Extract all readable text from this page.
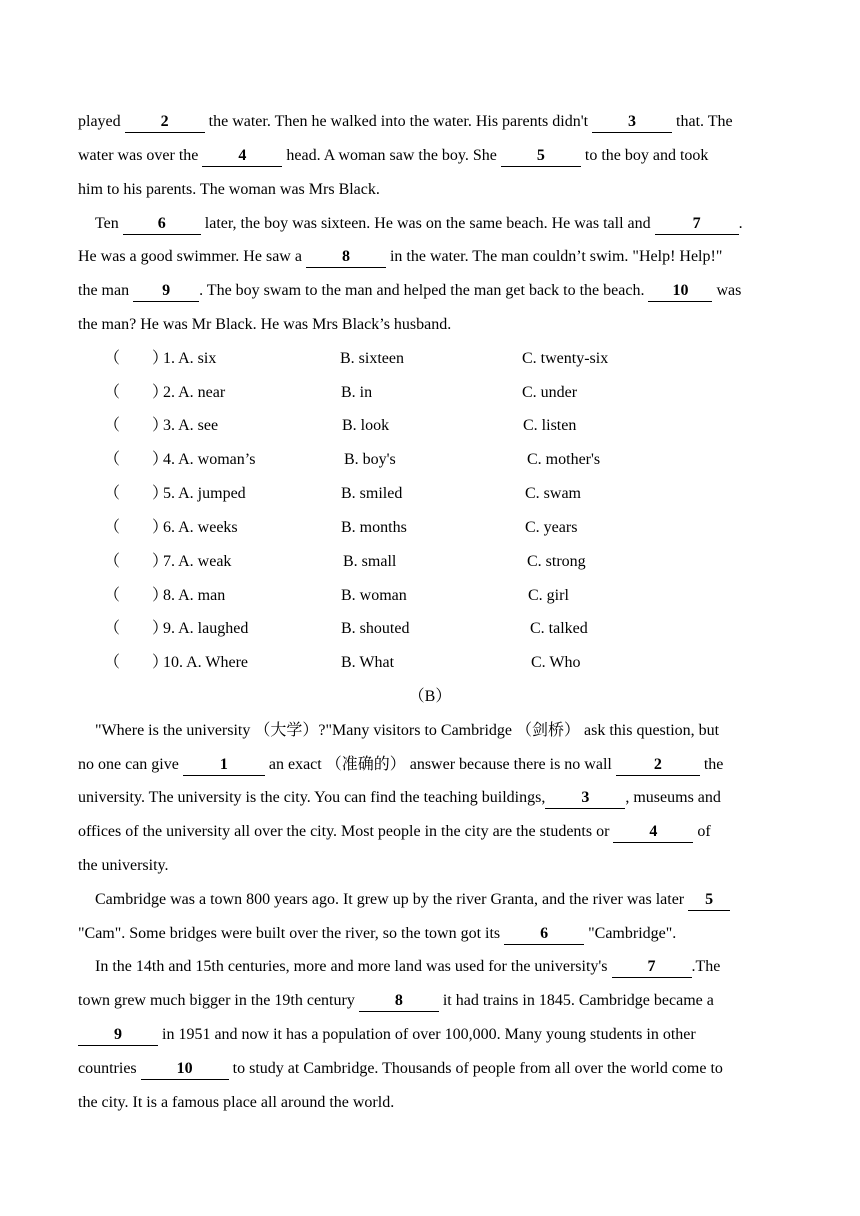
played 2 the water. Then he walked into the water. His parents didn't 3 that. The
water was over the 4 head. A woman saw the boy. She 5 to the boy and took
him to his parents. The woman was Mrs Black.
Ten 6 later, the boy was sixteen. He was on the same beach. He was tall and 7 .
He was a good swimmer. He saw a 8 in the water. The man couldn’t swim. "Help! Help!"
the man 9 . The boy swam to the man and helped the man get back to the beach. 10 was
the man? He was Mr Black. He was Mrs Black’s husband.
（　　）
1. A. six	B. sixteen	C. twenty-six
（　　）
2. A. near	B. in	C. under
（　　）
3. A. see	B. look	C. listen
（　　）
4. A. woman’s	B. boy's	C. mother's
（　　）
5. A. jumped	B. smiled	C. swam
（　　）
6. A. weeks	B. months	C. years
（　　）
7. A. weak	B. small	C. strong
（　　）
8. A. man	B. woman	C. girl
（　　）
9. A. laughed	B. shouted	C. talked
（　　）
10. A. Where	B. What	C. Who
（B）
"Where is the university （大学）?"Many visitors to Cambridge （剑桥） ask this question, but
no one can give 1 an exact （准确的） answer because there is no wall 2 the
university. The university is the city. You can find the teaching buildings, 3 , museums and
offices of the university all over the city. Most people in the city are the students or 4 of
the university.
Cambridge was a town 800 years ago. It grew up by the river Granta, and the river was later 5
"Cam". Some bridges were built over the river, so the town got its 6 "Cambridge".
In the 14th and 15th centuries, more and more land was used for the university's 7 .The
town grew much bigger in the 19th century 8 it had trains in 1845. Cambridge became a
9 in 1951 and now it has a population of over 100,000. Many young students in other
countries 10 to study at Cambridge. Thousands of people from all over the world come to
the city. It is a famous place all around the world.
